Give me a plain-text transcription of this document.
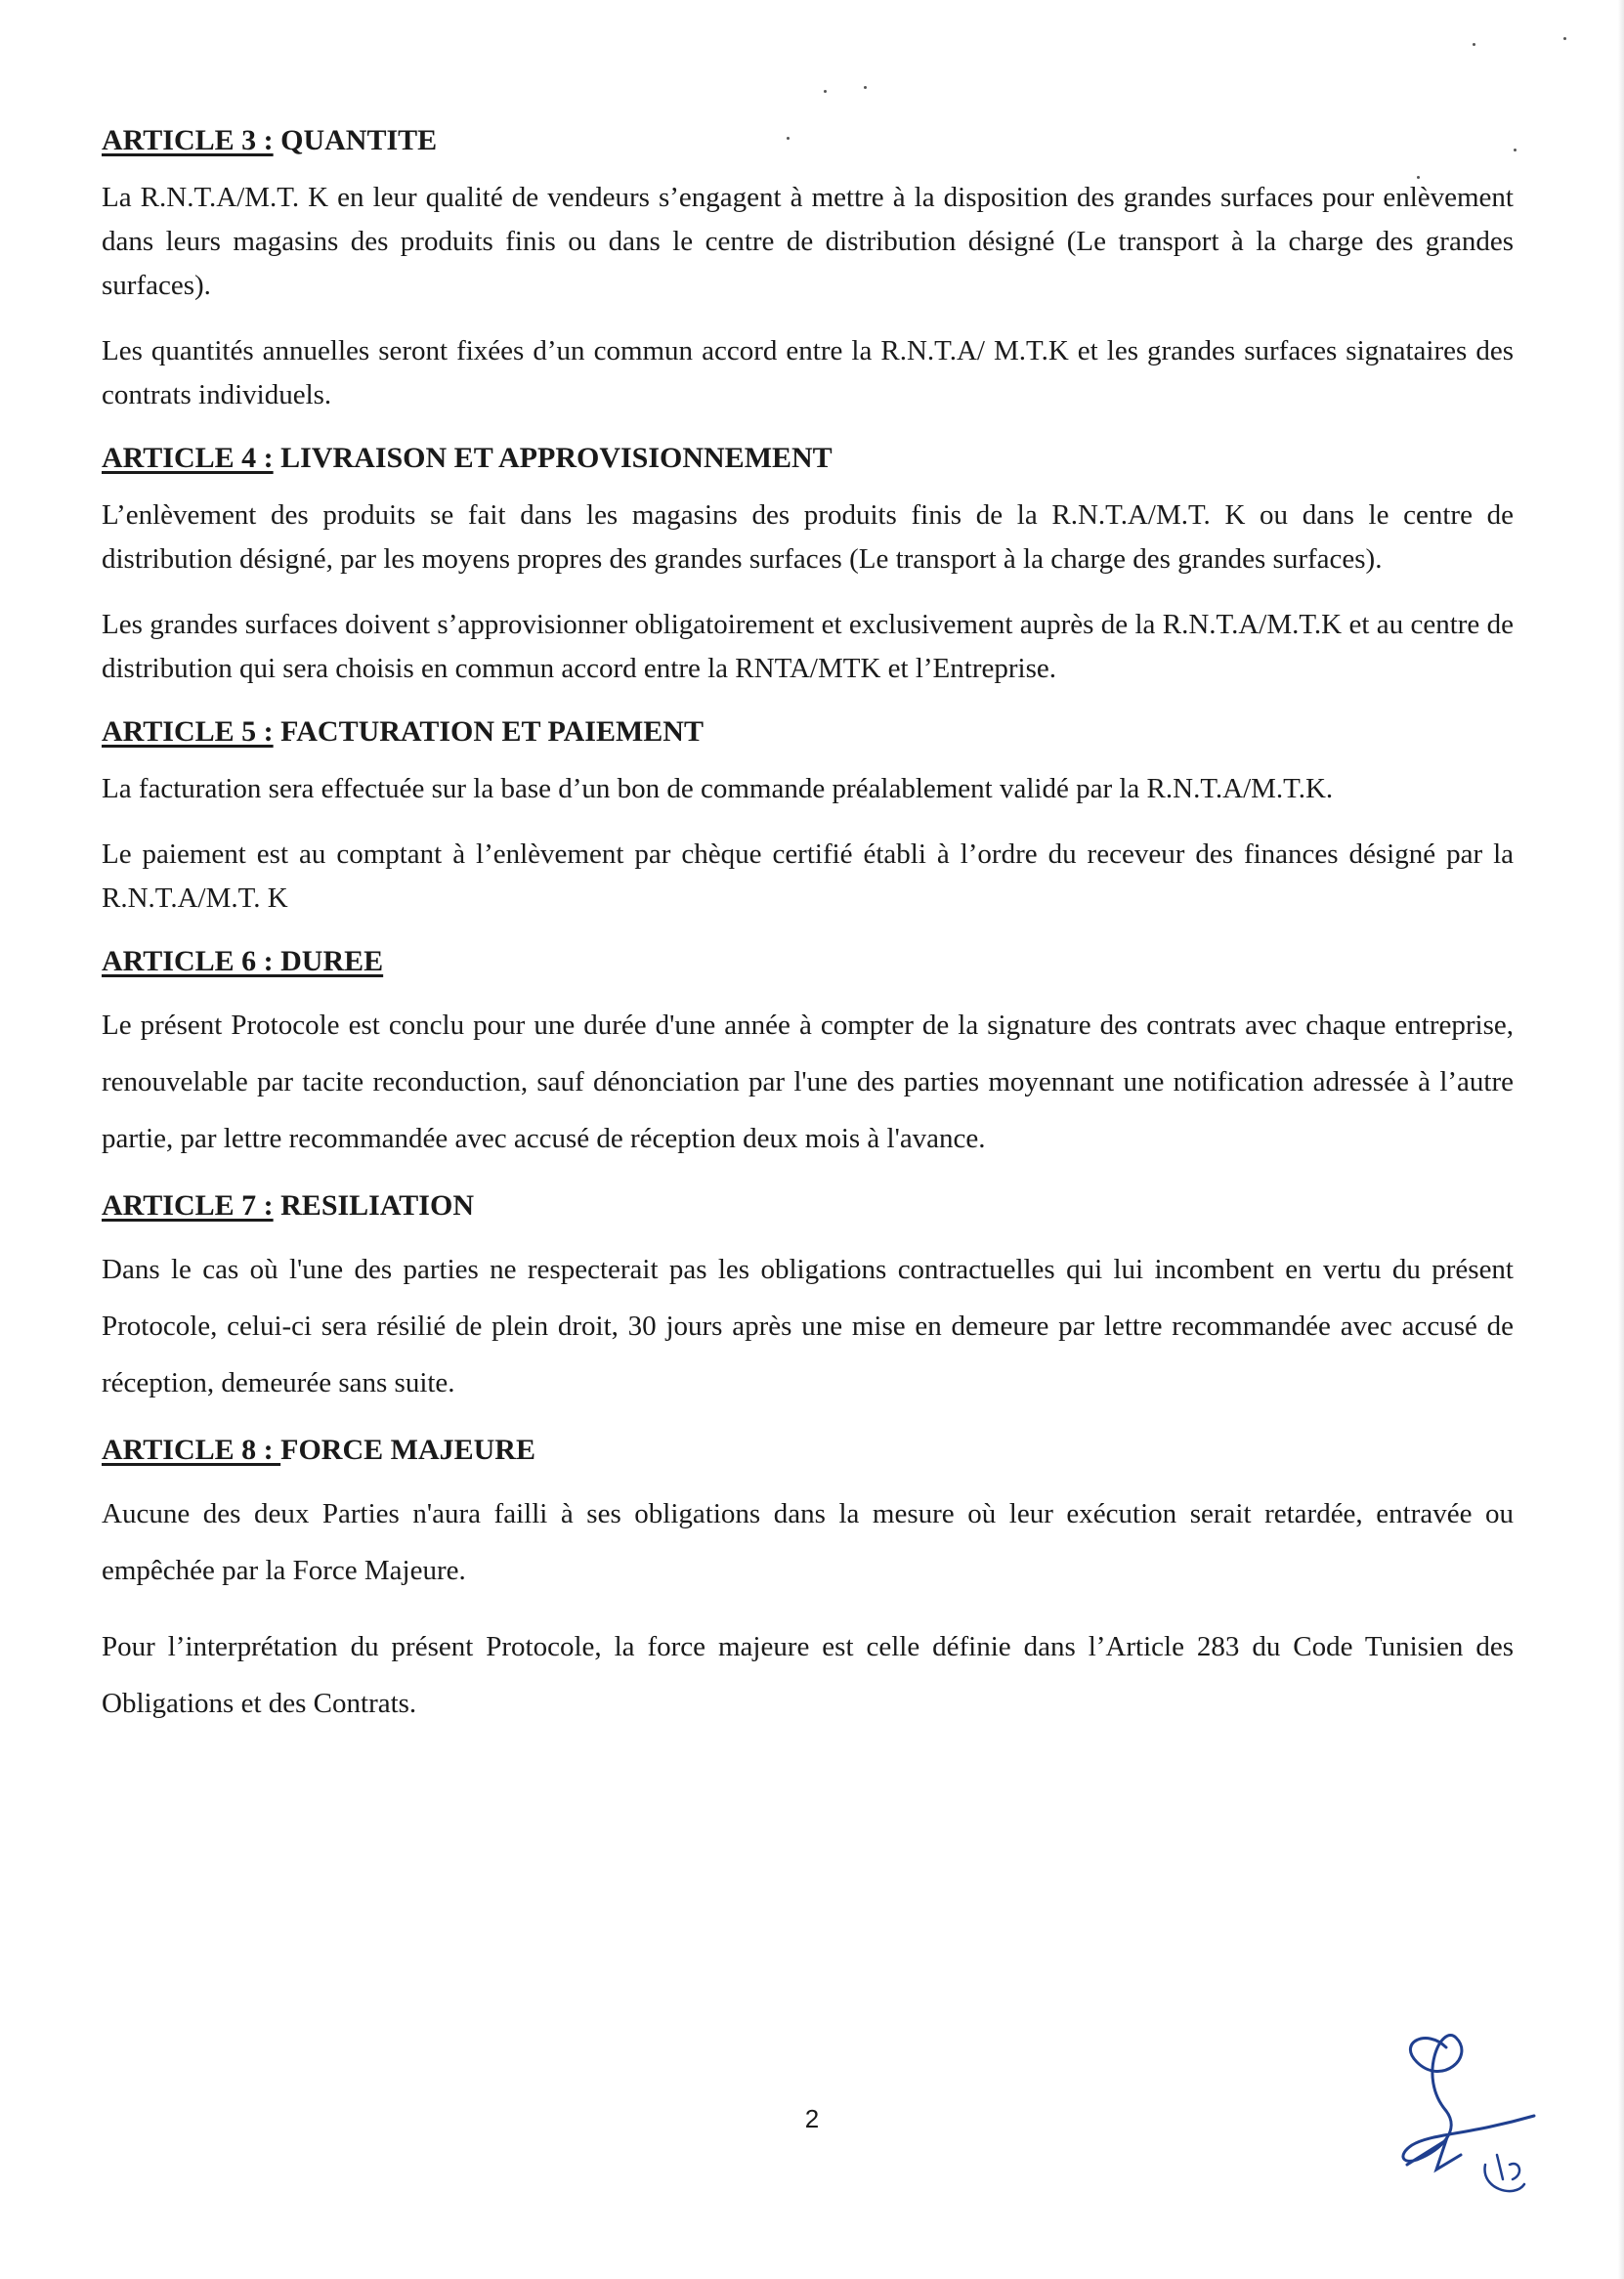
ARTICLE 3 : QUANTITE

La R.N.T.A/M.T. K en leur qualité de vendeurs s’engagent à mettre à la disposition des grandes surfaces pour enlèvement dans leurs magasins des produits finis ou dans le centre de distribution désigné (Le transport à la charge des grandes surfaces).

Les quantités annuelles seront fixées d’un commun accord entre la R.N.T.A/ M.T.K et les grandes surfaces signataires des contrats individuels.

ARTICLE 4 : LIVRAISON ET APPROVISIONNEMENT

L’enlèvement des produits se fait dans les magasins des produits finis de la R.N.T.A/M.T. K ou dans le centre de distribution désigné, par les moyens propres des grandes surfaces (Le transport à la charge des grandes surfaces).

Les grandes surfaces doivent s’approvisionner obligatoirement et exclusivement auprès de la R.N.T.A/M.T.K et au centre de distribution qui sera choisis en commun accord entre la RNTA/MTK et l’Entreprise.

ARTICLE 5 : FACTURATION ET PAIEMENT

La facturation sera effectuée sur la base d’un bon de commande préalablement validé par la R.N.T.A/M.T.K.

Le paiement est au comptant à l’enlèvement par chèque certifié établi à l’ordre du receveur des finances désigné par la R.N.T.A/M.T. K

ARTICLE 6 : DUREE

Le présent Protocole est conclu pour une durée d'une année à compter de la signature des contrats avec chaque entreprise, renouvelable par tacite reconduction, sauf dénonciation par l'une des parties moyennant une notification adressée à l’autre partie, par lettre recommandée avec accusé de réception deux mois à l'avance.

ARTICLE 7 : RESILIATION

Dans le cas où l'une des parties ne respecterait pas les obligations contractuelles qui lui incombent en vertu du présent Protocole, celui-ci sera résilié de plein droit, 30 jours après une mise en demeure par lettre recommandée avec accusé de réception, demeurée sans suite.

ARTICLE 8 : FORCE MAJEURE

Aucune des deux Parties n'aura failli à ses obligations dans la mesure où leur exécution serait retardée, entravée ou empêchée par la Force Majeure.

Pour l’interprétation du présent Protocole, la force majeure est celle définie dans l’Article 283 du Code Tunisien des Obligations et des Contrats.

2
